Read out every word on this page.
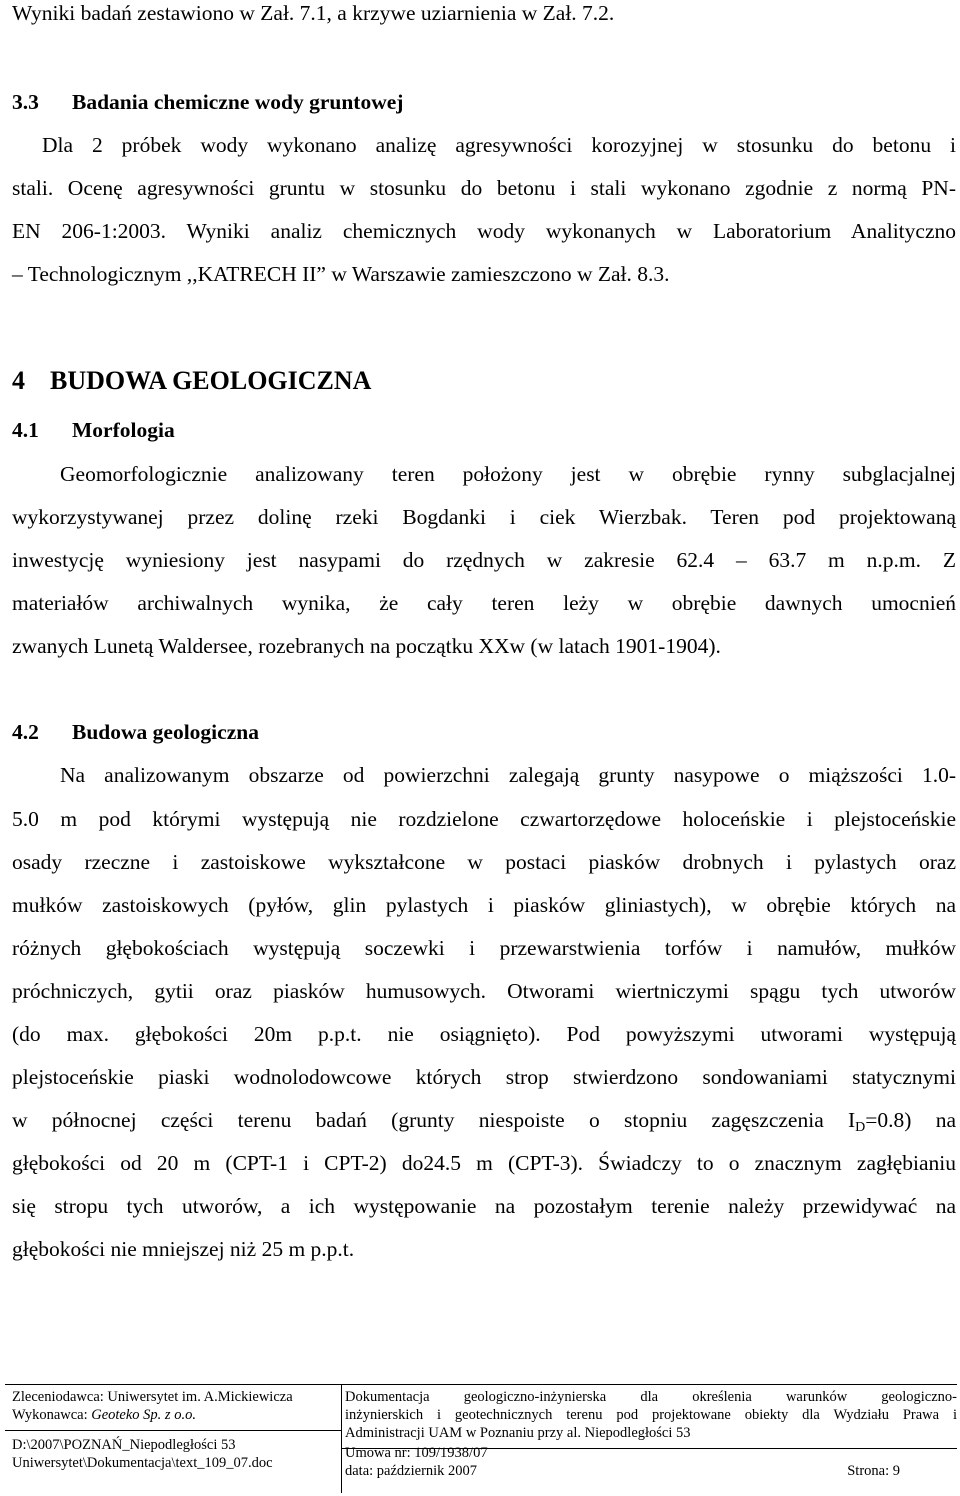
Wyniki badań zestawiono w Zał. 7.1, a krzywe uziarnienia w Zał. 7.2.
3.3 Badania chemiczne wody gruntowej
Dla 2 próbek wody wykonano analizę agresywności korozyjnej w stosunku do betonu i
stali. Ocenę agresywności gruntu w stosunku do betonu i stali wykonano zgodnie z normą PN-
EN 206-1:2003. Wyniki analiz chemicznych wody wykonanych w Laboratorium Analityczno
– Technologicznym ,,KATRECH II” w Warszawie zamieszczono w Zał. 8.3.
4 BUDOWA GEOLOGICZNA
4.1 Morfologia
Geomorfologicznie analizowany teren położony jest w obrębie rynny subglacjalnej
wykorzystywanej przez dolinę rzeki Bogdanki i ciek Wierzbak. Teren pod projektowaną
inwestycję wyniesiony jest nasypami do rzędnych w zakresie 62.4 – 63.7 m n.p.m. Z
materiałów archiwalnych wynika, że cały teren leży w obrębie dawnych umocnień
zwanych Lunetą Waldersee, rozebranych na początku XXw (w latach 1901-1904).
4.2 Budowa geologiczna
Na analizowanym obszarze od powierzchni zalegają grunty nasypowe o miąższości 1.0-
5.0 m pod którymi występują nie rozdzielone czwartorzędowe holoceńskie i plejstoceńskie
osady rzeczne i zastoiskowe wykształcone w postaci piasków drobnych i pylastych oraz
mułków zastoiskowych (pyłów, glin pylastych i piasków gliniastych), w obrębie których na
różnych głębokościach występują soczewki i przewarstwienia torfów i namułów, mułków
próchniczych, gytii oraz piasków humusowych. Otworami wiertniczymi spągu tych utworów
(do max. głębokości 20m p.p.t. nie osiągnięto). Pod powyższymi utworami występują
plejstoceńskie piaski wodnolodowcowe których strop stwierdzono sondowaniami statycznymi
w północnej części terenu badań (grunty niespoiste o stopniu zagęszczenia $I_D=0.8$) na
głębokości od 20 m (CPT-1 i CPT-2) do24.5 m (CPT-3). Świadczy to o znacznym zagłębianiu
się stropu tych utworów, a ich występowanie na pozostałym terenie należy przewidywać na
głębokości nie mniejszej niż 25 m p.p.t.
Zleceniodawca: Uniwersytet im. A.Mickiewicza
Wykonawca: Geoteko Sp. z o.o.
D:\2007\POZNAŃ_Niepodległości 53
Uniwersytet\Dokumentacja\text_109_07.doc
Dokumentacja geologiczno-inżynierska dla określenia warunków geologiczno-
inżynierskich i geotechnicznych terenu pod projektowane obiekty dla Wydziału Prawa i
Administracji UAM w Poznaniu przy al. Niepodległości 53
Umowa nr: 109/1938/07
data: październik 2007	Strona: 9
